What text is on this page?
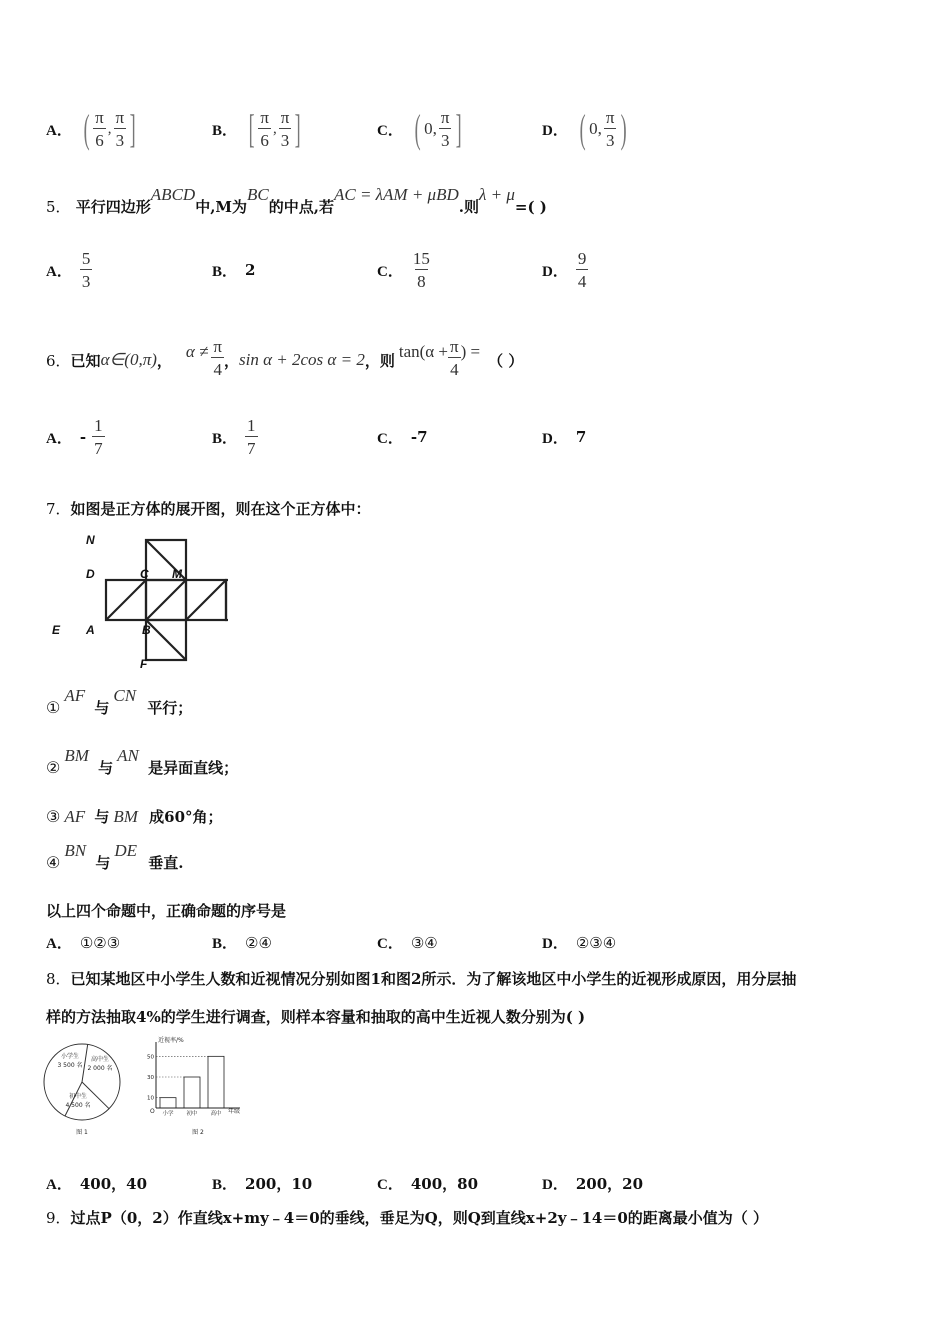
A． ( $\frac{\pi}{6}$ , $\frac{\pi}{3}$ ]	B． [ $\frac{\pi}{6}$ , $\frac{\pi}{3}$ ]	C． ( 0, $\frac{\pi}{3}$ ]	D． ( 0, $\frac{\pi}{3}$ )
5． 平行四边形ABCD中,M为BC的中点,若AC = λAM + μBD.则λ + μ=( )
A． $\frac{5}{3}$	B． 2	C． $\frac{15}{8}$	D． $\frac{9}{4}$
6． 已知 α∈(0,π) ， $\alpha \ne \frac{\pi}{4}$ ， sin α + 2cos α = 2 ，则 $\tan(\alpha + \frac{\pi}{4}$ ) = （ ）
A． - $\frac{1}{7}$	B． $\frac{1}{7}$	C． -7	D． 7
7．如图是正方体的展开图，则在这个正方体中：
N
D	C M
E A	B
F
①AF 与CN 平行；
②BM 与AN 是异面直线；
③ AF 与 BM 成60°角；
④BN 与DE 垂直.
以上四个命题中，正确命题的序号是
A． ①②③	B． ②④	C． ③④	D． ②③④
8．已知某地区中小学生人数和近视情况分别如图1和图2所示．为了解该地区中小学生的近视形成原因，用分层抽
样的方法抽取4%的学生进行调查，则样本容量和抽取的高中生近视人数分别为( )
小学生
3 500 名
高中生
2 000 名
初中生
4 500 名
图 1
小学
10
初中
30
高中
50
近视率/%
年级
O
图 2
A． 400，40	B． 200，10	C． 400，80	D． 200，20
9．过点P（0，2）作直线x+my﹣4＝0的垂线，垂足为Q，则Q到直线x+2y﹣14＝0的距离最小值为（ ）
